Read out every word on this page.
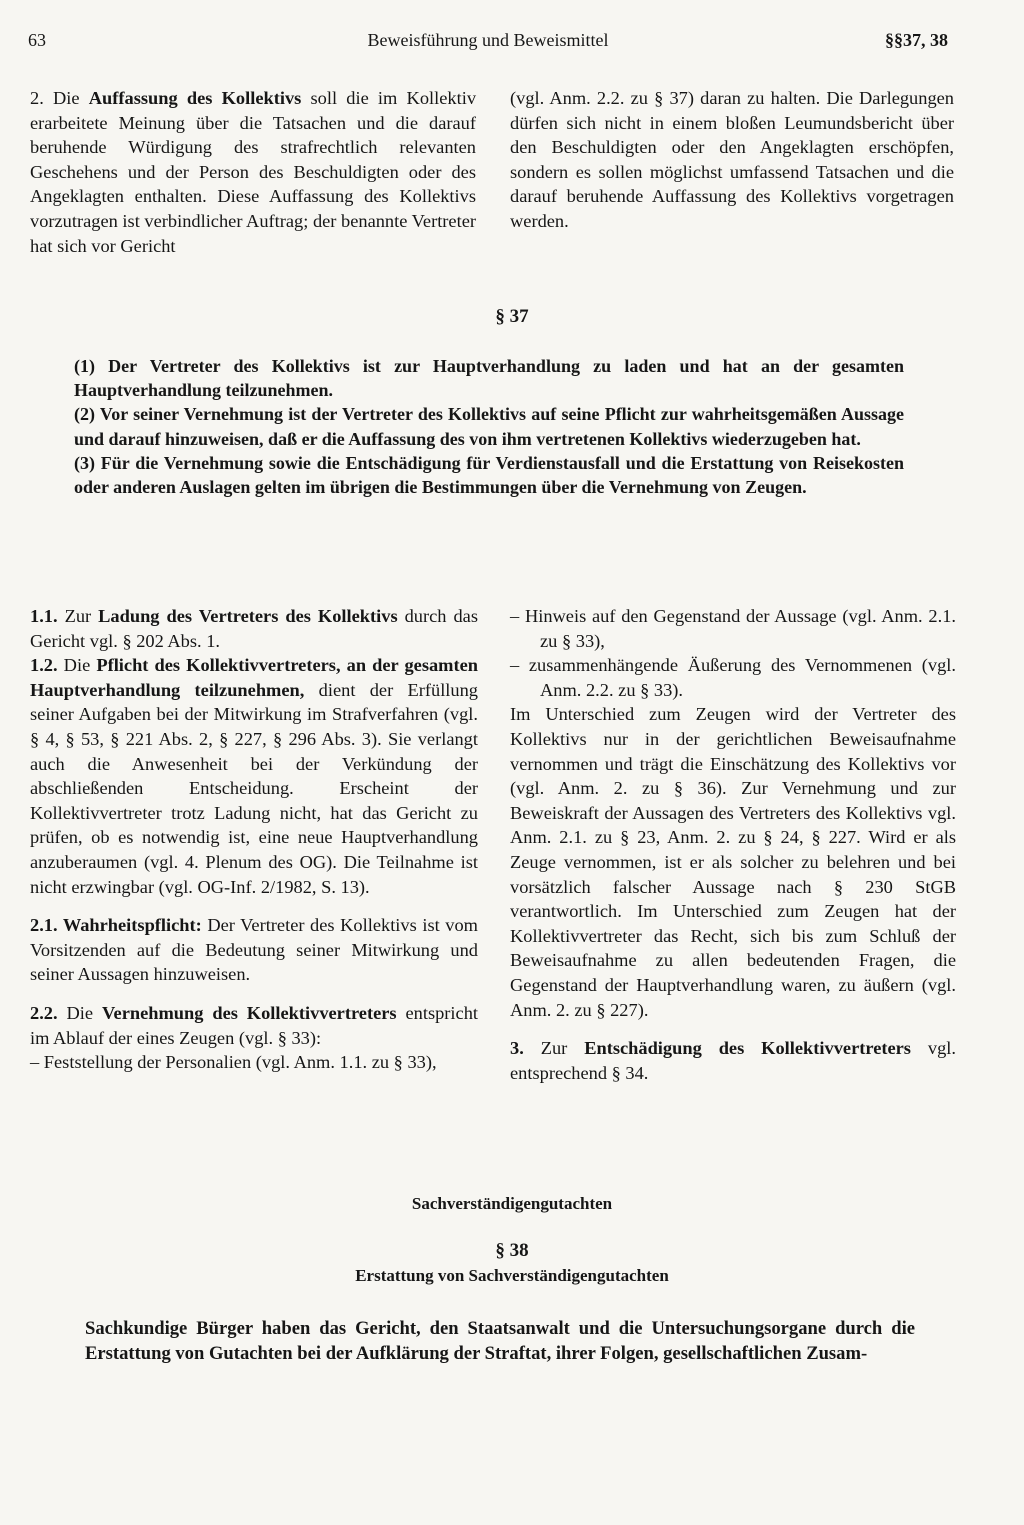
63	Beweisführung und Beweismittel	§§37, 38

2. Die Auffassung des Kollektivs soll die im Kollektiv erarbeitete Meinung über die Tatsachen und die darauf beruhende Würdigung des strafrechtlich relevanten Geschehens und der Person des Beschuldigten oder des Angeklagten enthalten. Diese Auffassung des Kollektivs vorzutragen ist verbindlicher Auftrag; der benannte Vertreter hat sich vor Gericht

(vgl. Anm. 2.2. zu § 37) daran zu halten. Die Darlegungen dürfen sich nicht in einem bloßen Leumundsbericht über den Beschuldigten oder den Angeklagten erschöpfen, sondern es sollen möglichst umfassend Tatsachen und die darauf beruhende Auffassung des Kollektivs vorgetragen werden.

§ 37

(1) Der Vertreter des Kollektivs ist zur Hauptverhandlung zu laden und hat an der gesamten Hauptverhandlung teilzunehmen.

(2) Vor seiner Vernehmung ist der Vertreter des Kollektivs auf seine Pflicht zur wahrheitsgemäßen Aussage und darauf hinzuweisen, daß er die Auffassung des von ihm vertretenen Kollektivs wiederzugeben hat.

(3) Für die Vernehmung sowie die Entschädigung für Verdienstausfall und die Erstattung von Reisekosten oder anderen Auslagen gelten im übrigen die Bestimmungen über die Vernehmung von Zeugen.

1.1. Zur Ladung des Vertreters des Kollektivs durch das Gericht vgl. § 202 Abs. 1.

1.2. Die Pflicht des Kollektivvertreters, an der gesamten Hauptverhandlung teilzunehmen, dient der Erfüllung seiner Aufgaben bei der Mitwirkung im Strafverfahren (vgl. § 4, § 53, § 221 Abs. 2, § 227, § 296 Abs. 3). Sie verlangt auch die Anwesenheit bei der Verkündung der abschließenden Entscheidung. Erscheint der Kollektivvertreter trotz Ladung nicht, hat das Gericht zu prüfen, ob es notwendig ist, eine neue Hauptverhandlung anzuberaumen (vgl. 4. Plenum des OG). Die Teilnahme ist nicht erzwingbar (vgl. OG-Inf. 2/1982, S. 13).

2.1. Wahrheitspflicht: Der Vertreter des Kollektivs ist vom Vorsitzenden auf die Bedeutung seiner Mitwirkung und seiner Aussagen hinzuweisen.

2.2. Die Vernehmung des Kollektivvertreters entspricht im Ablauf der eines Zeugen (vgl. § 33):

– Feststellung der Personalien (vgl. Anm. 1.1. zu § 33),

– Hinweis auf den Gegenstand der Aussage (vgl. Anm. 2.1. zu § 33),

– zusammenhängende Äußerung des Vernommenen (vgl. Anm. 2.2. zu § 33).

Im Unterschied zum Zeugen wird der Vertreter des Kollektivs nur in der gerichtlichen Beweisaufnahme vernommen und trägt die Einschätzung des Kollektivs vor (vgl. Anm. 2. zu § 36). Zur Vernehmung und zur Beweiskraft der Aussagen des Vertreters des Kollektivs vgl. Anm. 2.1. zu § 23, Anm. 2. zu § 24, § 227. Wird er als Zeuge vernommen, ist er als solcher zu belehren und bei vorsätzlich falscher Aussage nach § 230 StGB verantwortlich. Im Unterschied zum Zeugen hat der Kollektivvertreter das Recht, sich bis zum Schluß der Beweisaufnahme zu allen bedeutenden Fragen, die Gegenstand der Hauptverhandlung waren, zu äußern (vgl. Anm. 2. zu § 227).

3. Zur Entschädigung des Kollektivvertreters vgl. entsprechend § 34.

Sachverständigengutachten
§ 38
Erstattung von Sachverständigengutachten
Sachkundige Bürger haben das Gericht, den Staatsanwalt und die Untersuchungsorgane durch die Erstattung von Gutachten bei der Aufklärung der Straftat, ihrer Folgen, gesellschaftlichen Zusam-
